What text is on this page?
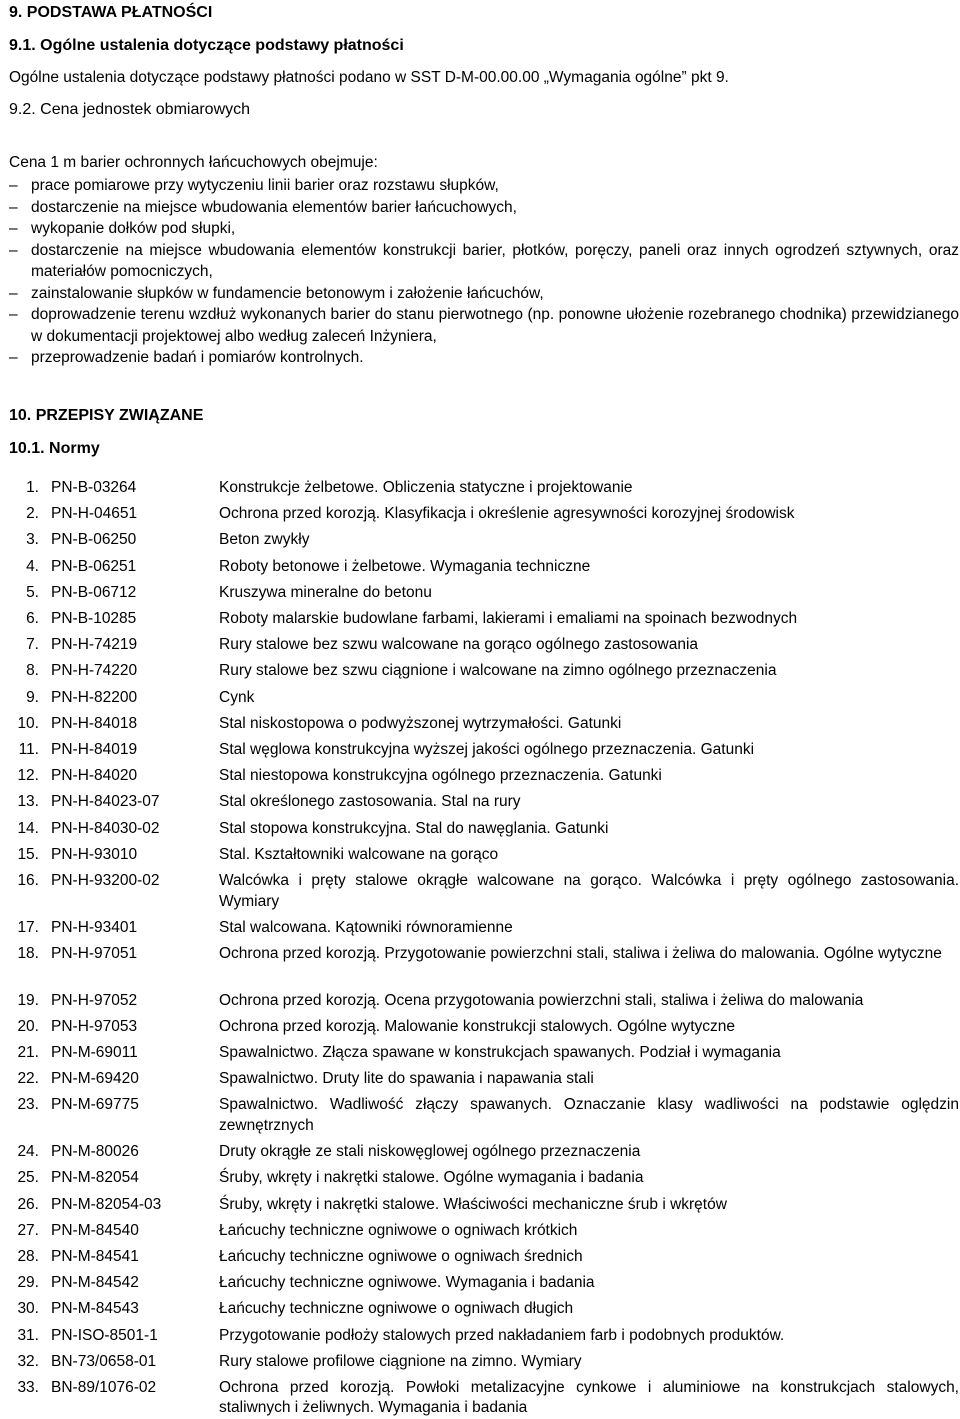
9. PODSTAWA PŁATNOŚCI
9.1. Ogólne ustalenia dotyczące podstawy płatności

Ogólne ustalenia dotyczące podstawy płatności podano w SST D-M-00.00.00 „Wymagania ogólne” pkt 9.

9.2. Cena jednostek obmiarowych

Cena 1 m barier ochronnych łańcuchowych obejmuje:

– prace pomiarowe przy wytyczeniu linii barier oraz rozstawu słupków,
– dostarczenie na miejsce wbudowania elementów barier łańcuchowych,
– wykopanie dołków pod słupki,
– dostarczenie na miejsce wbudowania elementów konstrukcji barier, płotków, poręczy, paneli oraz innych ogrodzeń sztywnych, oraz materiałów pomocniczych,
– zainstalowanie słupków w fundamencie betonowym i założenie łańcuchów,
– doprowadzenie terenu wzdłuż wykonanych barier do stanu pierwotnego (np. ponowne ułożenie rozebranego chodnika) przewidzianego w dokumentacji projektowej albo według zaleceń Inżyniera,
– przeprowadzenie badań i pomiarów kontrolnych.
10. PRZEPISY ZWIĄZANE
10.1. Normy
1. PN-B-03264	Konstrukcje żelbetowe. Obliczenia statyczne i projektowanie
2. PN-H-04651	Ochrona przed korozją. Klasyfikacja i określenie agresywności korozyjnej środowisk
3. PN-B-06250	Beton zwykły
4. PN-B-06251	Roboty betonowe i żelbetowe. Wymagania techniczne
5. PN-B-06712	Kruszywa mineralne do betonu
6. PN-B-10285	Roboty malarskie budowlane farbami, lakierami i emaliami na spoinach bezwodnych
7. PN-H-74219	Rury stalowe bez szwu walcowane na gorąco ogólnego zastosowania
8. PN-H-74220	Rury stalowe bez szwu ciągnione i walcowane na zimno ogólnego przeznaczenia
9. PN-H-82200	Cynk
10. PN-H-84018	Stal niskostopowa o podwyższonej wytrzymałości. Gatunki
11. PN-H-84019	Stal węglowa konstrukcyjna wyższej jakości ogólnego przeznaczenia. Gatunki
12. PN-H-84020	Stal niestopowa konstrukcyjna ogólnego przeznaczenia. Gatunki
13. PN-H-84023-07	Stal określonego zastosowania. Stal na rury
14. PN-H-84030-02	Stal stopowa konstrukcyjna. Stal do nawęglania. Gatunki
15. PN-H-93010	Stal. Kształtowniki walcowane na gorąco
16. PN-H-93200-02	Walcówka i pręty stalowe okrągłe walcowane na gorąco. Walcówka i pręty ogólnego zastosowania. Wymiary
17. PN-H-93401	Stal walcowana. Kątowniki równoramienne
18. PN-H-97051	Ochrona przed korozją. Przygotowanie powierzchni stali, staliwa i żeliwa do malowania. Ogólne wytyczne
19. PN-H-97052	Ochrona przed korozją. Ocena przygotowania powierzchni stali, staliwa i żeliwa do malowania
20. PN-H-97053	Ochrona przed korozją. Malowanie konstrukcji stalowych. Ogólne wytyczne
21. PN-M-69011	Spawalnictwo. Złącza spawane w konstrukcjach spawanych. Podział i wymagania
22. PN-M-69420	Spawalnictwo. Druty lite do spawania i napawania stali
23. PN-M-69775	Spawalnictwo. Wadliwość złączy spawanych. Oznaczanie klasy wadliwości na podstawie oględzin zewnętrznych
24. PN-M-80026	Druty okrągłe ze stali niskowęglowej ogólnego przeznaczenia
25. PN-M-82054	Śruby, wkręty i nakrętki stalowe. Ogólne wymagania i badania
26. PN-M-82054-03	Śruby, wkręty i nakrętki stalowe. Właściwości mechaniczne śrub i wkrętów
27. PN-M-84540	Łańcuchy techniczne ogniwowe o ogniwach krótkich
28. PN-M-84541	Łańcuchy techniczne ogniwowe o ogniwach średnich
29. PN-M-84542	Łańcuchy techniczne ogniwowe. Wymagania i badania
30. PN-M-84543	Łańcuchy techniczne ogniwowe o ogniwach długich
31. PN-ISO-8501-1	Przygotowanie podłoży stalowych przed nakładaniem farb i podobnych produktów.
32. BN-73/0658-01	Rury stalowe profilowe ciągnione na zimno. Wymiary
33. BN-89/1076-02	Ochrona przed korozją. Powłoki metalizacyjne cynkowe i aluminiowe na konstrukcjach stalowych, staliwnych i żeliwnych. Wymagania i badania
